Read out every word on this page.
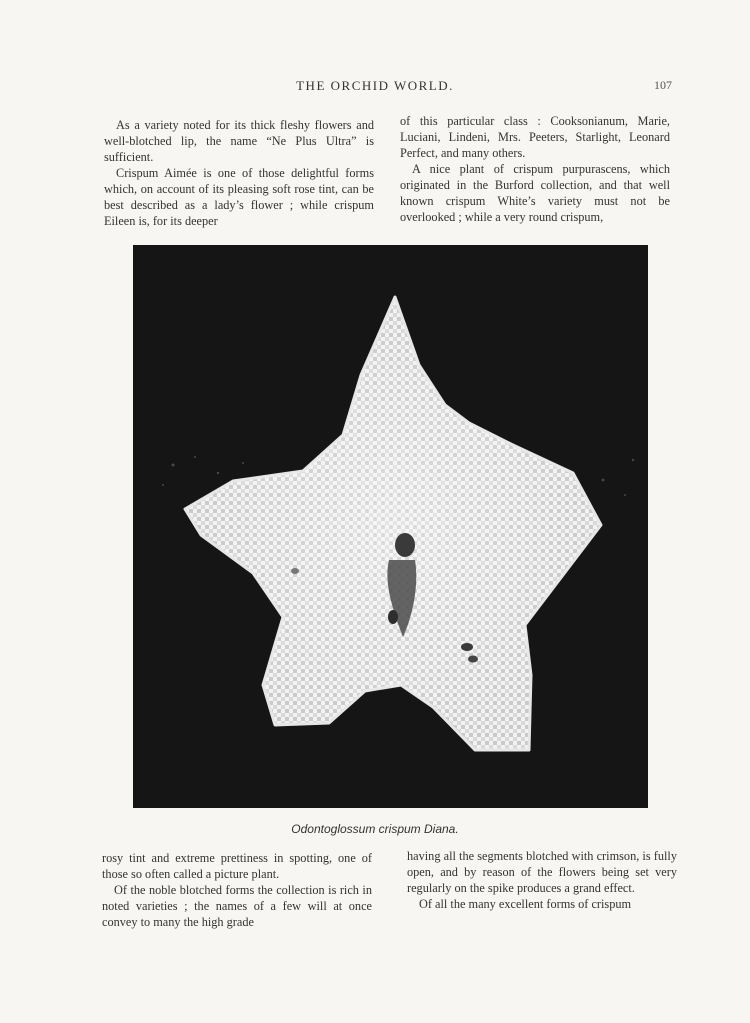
THE ORCHID WORLD.	107

As a variety noted for its thick fleshy flowers and well-blotched lip, the name “Ne Plus Ultra” is sufficient.

Crispum Aimée is one of those delightful forms which, on account of its pleasing soft rose tint, can be best described as a lady’s flower ; while crispum Eileen is, for its deeper

of this particular class : Cooksonianum, Marie, Luciani, Lindeni, Mrs. Peeters, Starlight, Leonard Perfect, and many others.

A nice plant of crispum purpurascens, which originated in the Burford collection, and that well known crispum White’s variety must not be overlooked ; while a very round crispum,

Odontoglossum crispum Diana.

rosy tint and extreme prettiness in spotting, one of those so often called a picture plant.

Of the noble blotched forms the collection is rich in noted varieties ; the names of a few will at once convey to many the high grade

having all the segments blotched with crimson, is fully open, and by reason of the flowers being set very regularly on the spike produces a grand effect.

Of all the many excellent forms of crispum
